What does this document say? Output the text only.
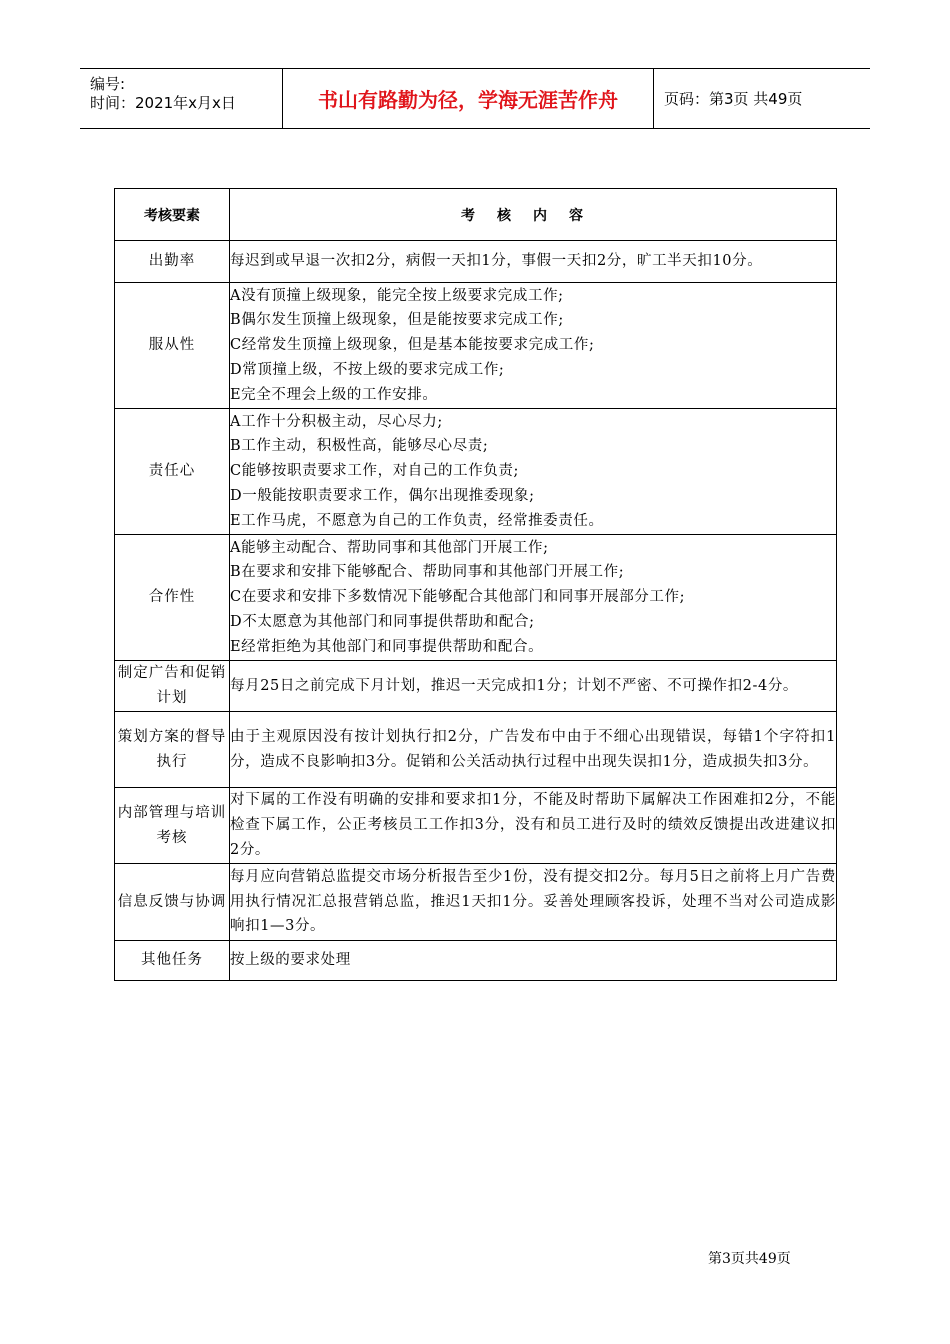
编号:
时间：2021年x月x日	书山有路勤为径，学海无涯苦作舟	页码：第3页 共49页
考核要素	考核内容
出勤率	每迟到或早退一次扣2分，病假一天扣1分，事假一天扣2分，旷工半天扣10分。

服从性	A没有顶撞上级现象，能完全按上级要求完成工作;
B偶尔发生顶撞上级现象，但是能按要求完成工作;
C经常发生顶撞上级现象，但是基本能按要求完成工作;
D常顶撞上级，不按上级的要求完成工作;
E完全不理会上级的工作安排。

责任心	A工作十分积极主动，尽心尽力;
B工作主动，积极性高，能够尽心尽责;
C能够按职责要求工作，对自己的工作负责;
D一般能按职责要求工作，偶尔出现推委现象;
E工作马虎，不愿意为自己的工作负责，经常推委责任。

合作性	A能够主动配合、帮助同事和其他部门开展工作;
B在要求和安排下能够配合、帮助同事和其他部门开展工作;
C在要求和安排下多数情况下能够配合其他部门和同事开展部分工作;
D不太愿意为其他部门和同事提供帮助和配合;
E经常拒绝为其他部门和同事提供帮助和配合。

制定广告和促销计划	每月25日之前完成下月计划，推迟一天完成扣1分；计划不严密、不可操作扣2-4分。

策划方案的督导执行	由于主观原因没有按计划执行扣2分，广告发布中由于不细心出现错误，每错1个字符扣1分，造成不良影响扣3分。促销和公关活动执行过程中出现失误扣1分，造成损失扣3分。

内部管理与培训考核	对下属的工作没有明确的安排和要求扣1分，不能及时帮助下属解决工作困难扣2分，不能检查下属工作，公正考核员工工作扣3分，没有和员工进行及时的绩效反馈提出改进建议扣2分。

信息反馈与协调	每月应向营销总监提交市场分析报告至少1份，没有提交扣2分。每月5日之前将上月广告费用执行情况汇总报营销总监，推迟1天扣1分。妥善处理顾客投诉，处理不当对公司造成影响扣1—3分。

其他任务	按上级的要求处理
第3页共49页
